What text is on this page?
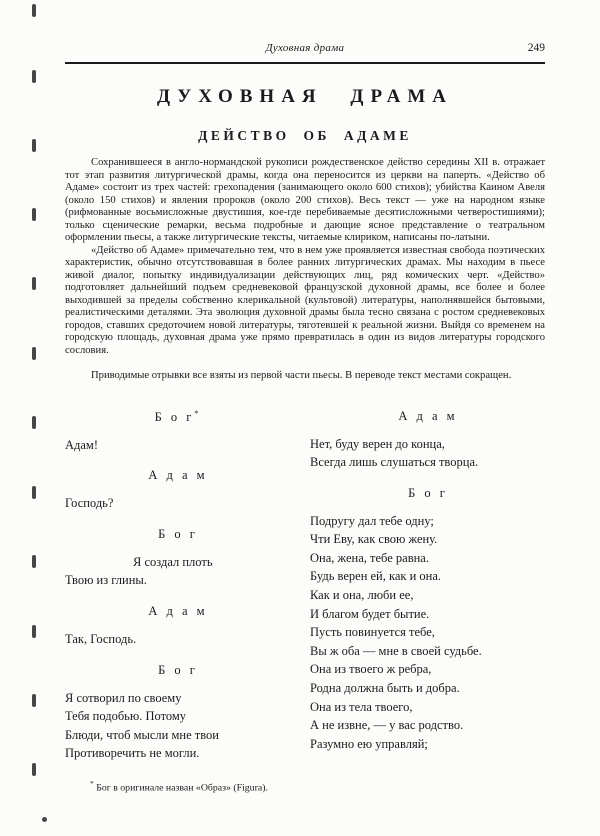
Духовная драма	249
ДУХОВНАЯ ДРАМА
ДЕЙСТВО ОБ АДАМЕ

Сохранившееся в англо-нормандской рукописи рождественское действо середины XII в. отражает тот этап развития литургической драмы, когда она переносится из церкви на паперть. «Действо об Адаме» состоит из трех частей: грехопадения (занимающего около 600 стихов); убийства Каином Авеля (около 150 стихов) и явления пророков (около 200 стихов). Весь текст — уже на народном языке (рифмованные восьмисложные двустишия, кое-где перебиваемые десятисложными четверостишиями); только сценические ремарки, весьма подробные и дающие ясное представление о театральном оформлении пьесы, а также литургические тексты, читаемые клириком, написаны по-латыни.

«Действо об Адаме» примечательно тем, что в нем уже проявляется известная свобода поэтических характеристик, обычно отсутствовавшая в более ранних литургических драмах. Мы находим в пьесе живой диалог, попытку индивидуализации действующих лиц, ряд комических черт. «Действо» подготовляет дальнейший подъем средневековой французской духовной драмы, все более и более выходившей за пределы собственно клерикальной (культовой) литературы, наполнявшейся бытовыми, реалистическими деталями. Эта эволюция духовной драмы была тесно связана с ростом средневековых городов, ставших средоточием новой литературы, тяготевшей к реальной жизни. Выйдя со временем на городскую площадь, духовная драма уже прямо превратилась в один из видов литературы городского сословия.

Приводимые отрывки все взяты из первой части пьесы. В переводе текст местами сокращен.

Б о г*
Адам!
А д а м
Господь?
Б о г
Я создал плоть
Твою из глины.
А д а м
Так, Господь.
Б о г
Я сотворил по своему
Тебя подобью. Потому
Блюди, чтоб мысли мне твои
Противоречить не могли.
А д а м
Нет, буду верен до конца,
Всегда лишь слушаться творца.
Б о г
Подругу дал тебе одну;
Чти Еву, как свою жену.
Она, жена, тебе равна.
Будь верен ей, как и она.
Как и она, люби ее,
И благом будет бытие.
Пусть повинуется тебе,
Вы ж оба — мне в своей судьбе.
Она из твоего ж ребра,
Родна должна быть и добра.
Она из тела твоего,
А не извне, — у вас родство.
Разумно ею управляй;

* Бог в оригинале назван «Образ» (Figura).
